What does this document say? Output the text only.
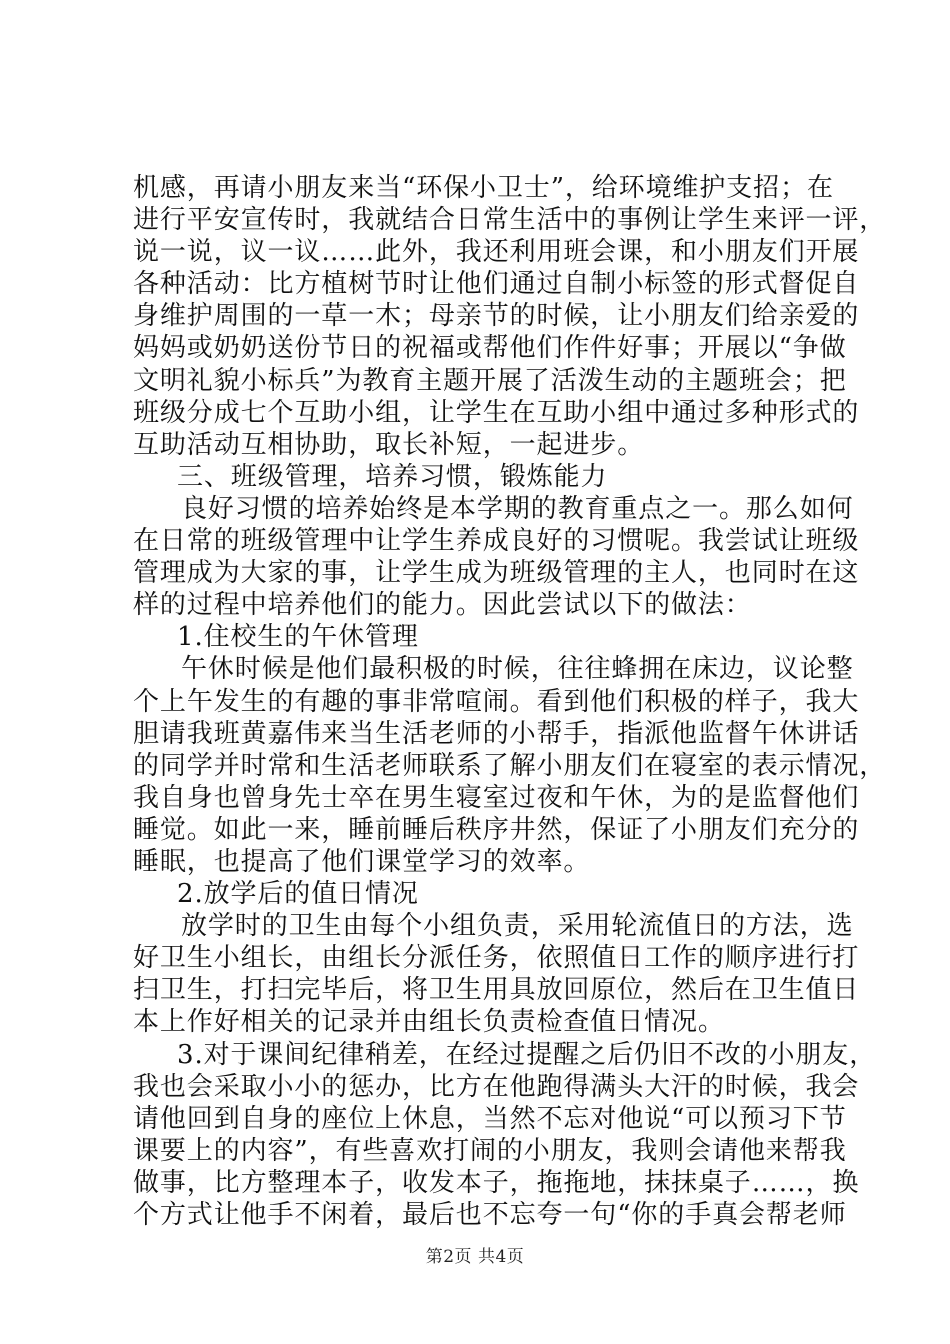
机感，再请小朋友来当“环保小卫士”，给环境维护支招；在
进行平安宣传时，我就结合日常生活中的事例让学生来评一评，
说一说，议一议……此外，我还利用班会课，和小朋友们开展
各种活动：比方植树节时让他们通过自制小标签的形式督促自
身维护周围的一草一木；母亲节的时候，让小朋友们给亲爱的
妈妈或奶奶送份节日的祝福或帮他们作件好事；开展以“争做
文明礼貌小标兵”为教育主题开展了活泼生动的主题班会；把
班级分成七个互助小组，让学生在互助小组中通过多种形式的
互助活动互相协助，取长补短，一起进步。
三、班级管理，培养习惯，锻炼能力
良好习惯的培养始终是本学期的教育重点之一。那么如何
在日常的班级管理中让学生养成良好的习惯呢。我尝试让班级
管理成为大家的事，让学生成为班级管理的主人，也同时在这
样的过程中培养他们的能力。因此尝试以下的做法：
1.住校生的午休管理
午休时候是他们最积极的时候，往往蜂拥在床边，议论整
个上午发生的有趣的事非常喧闹。看到他们积极的样子，我大
胆请我班黄嘉伟来当生活老师的小帮手，指派他监督午休讲话
的同学并时常和生活老师联系了解小朋友们在寝室的表示情况，
我自身也曾身先士卒在男生寝室过夜和午休，为的是监督他们
睡觉。如此一来，睡前睡后秩序井然，保证了小朋友们充分的
睡眠，也提高了他们课堂学习的效率。
2.放学后的值日情况
放学时的卫生由每个小组负责，采用轮流值日的方法，选
好卫生小组长，由组长分派任务，依照值日工作的顺序进行打
扫卫生，打扫完毕后，将卫生用具放回原位，然后在卫生值日
本上作好相关的记录并由组长负责检查值日情况。
3.对于课间纪律稍差，在经过提醒之后仍旧不改的小朋友，
我也会采取小小的惩办，比方在他跑得满头大汗的时候，我会
请他回到自身的座位上休息，当然不忘对他说“可以预习下节
课要上的内容”，有些喜欢打闹的小朋友，我则会请他来帮我
做事，比方整理本子，收发本子，拖拖地，抹抹桌子……，换
个方式让他手不闲着，最后也不忘夸一句“你的手真会帮老师
第2页 共4页
